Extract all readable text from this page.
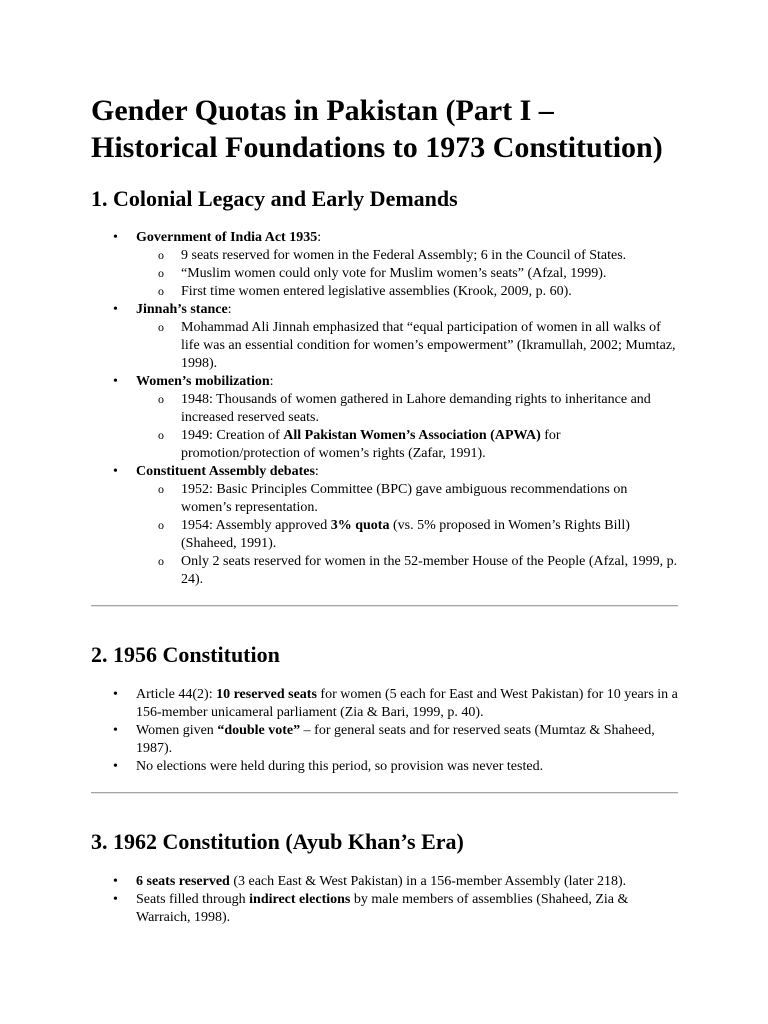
Gender Quotas in Pakistan (Part I – Historical Foundations to 1973 Constitution)
1. Colonial Legacy and Early Demands
• Government of India Act 1935:
o 9 seats reserved for women in the Federal Assembly; 6 in the Council of States.
o “Muslim women could only vote for Muslim women’s seats” (Afzal, 1999).
o First time women entered legislative assemblies (Krook, 2009, p. 60).
• Jinnah’s stance:
o Mohammad Ali Jinnah emphasized that “equal participation of women in all walks of life was an essential condition for women’s empowerment” (Ikramullah, 2002; Mumtaz, 1998).
• Women’s mobilization:
o 1948: Thousands of women gathered in Lahore demanding rights to inheritance and increased reserved seats.
o 1949: Creation of All Pakistan Women’s Association (APWA) for promotion/protection of women’s rights (Zafar, 1991).
• Constituent Assembly debates:
o 1952: Basic Principles Committee (BPC) gave ambiguous recommendations on women’s representation.
o 1954: Assembly approved 3% quota (vs. 5% proposed in Women’s Rights Bill) (Shaheed, 1991).
o Only 2 seats reserved for women in the 52-member House of the People (Afzal, 1999, p. 24).
2. 1956 Constitution
• Article 44(2): 10 reserved seats for women (5 each for East and West Pakistan) for 10 years in a 156-member unicameral parliament (Zia & Bari, 1999, p. 40).
• Women given “double vote” – for general seats and for reserved seats (Mumtaz & Shaheed, 1987).
• No elections were held during this period, so provision was never tested.
3. 1962 Constitution (Ayub Khan’s Era)
• 6 seats reserved (3 each East & West Pakistan) in a 156-member Assembly (later 218).
• Seats filled through indirect elections by male members of assemblies (Shaheed, Zia & Warraich, 1998).
